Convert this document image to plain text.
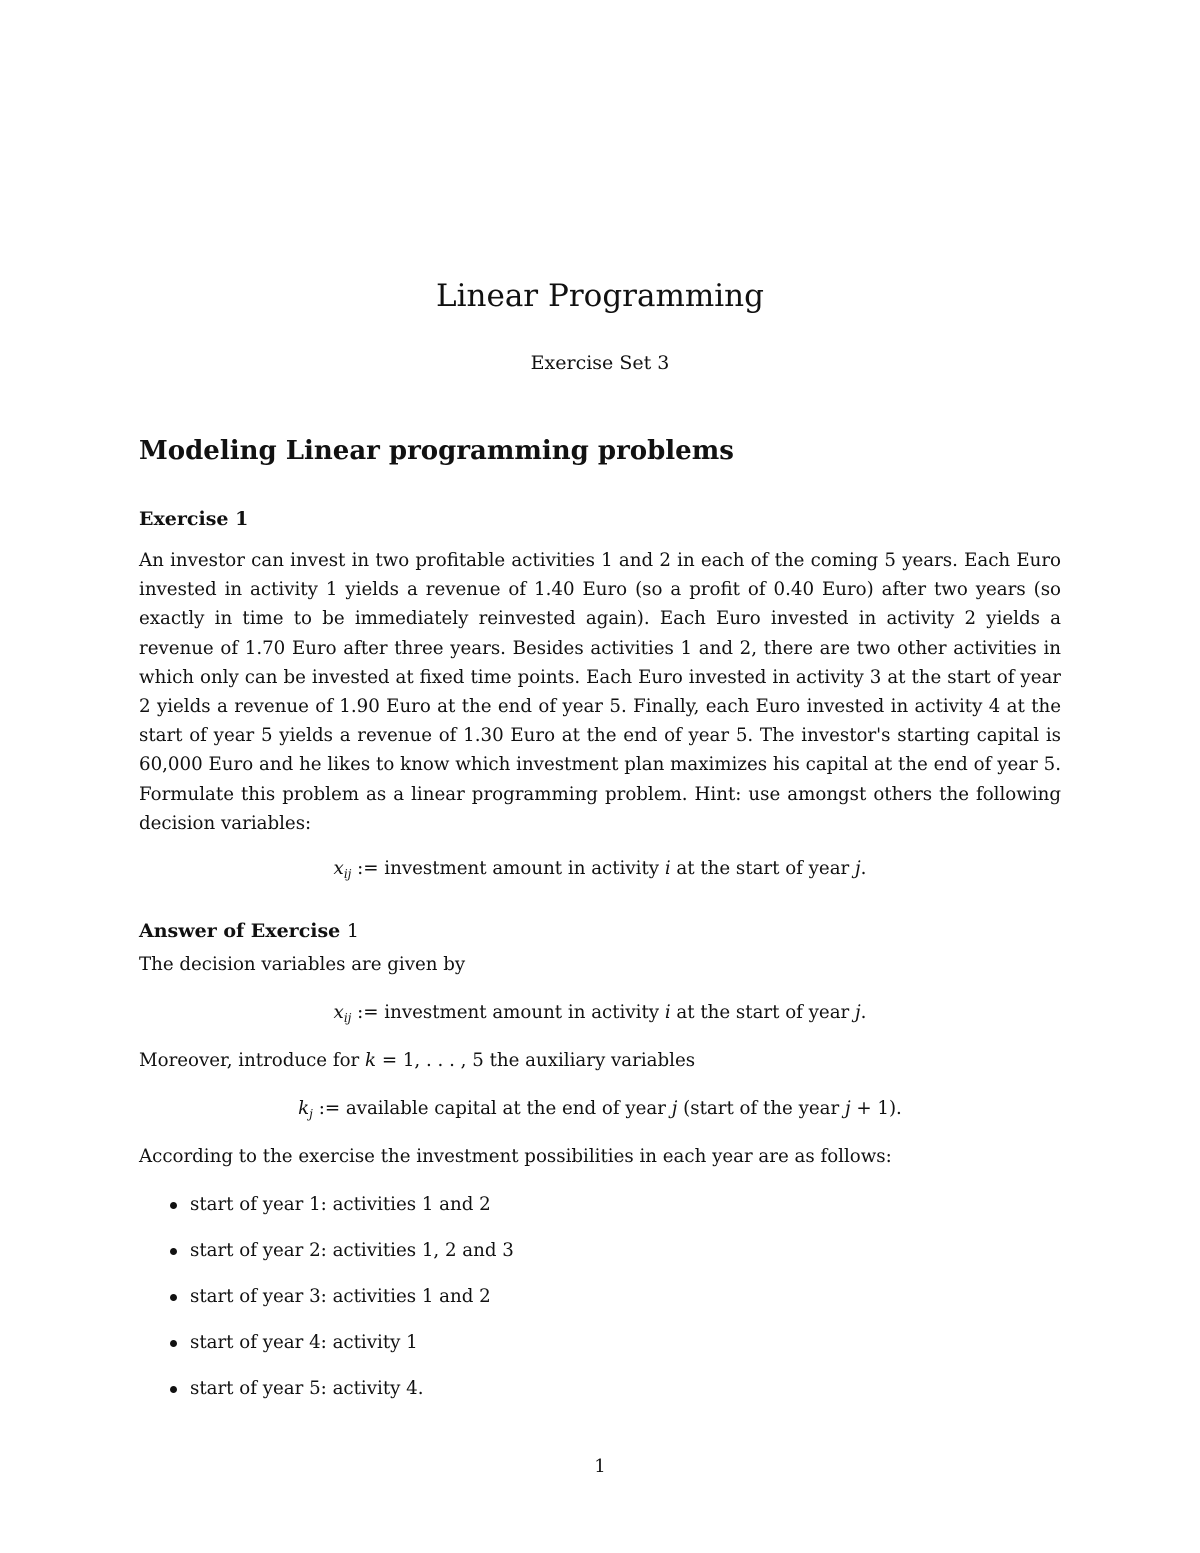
Linear Programming
Exercise Set 3
Modeling Linear programming problems
Exercise 1

An investor can invest in two profitable activities 1 and 2 in each of the coming 5 years. Each Euro invested in activity 1 yields a revenue of 1.40 Euro (so a profit of 0.40 Euro) after two years (so exactly in time to be immediately reinvested again). Each Euro invested in activity 2 yields a revenue of 1.70 Euro after three years. Besides activities 1 and 2, there are two other activities in which only can be invested at fixed time points. Each Euro invested in activity 3 at the start of year 2 yields a revenue of 1.90 Euro at the end of year 5. Finally, each Euro invested in activity 4 at the start of year 5 yields a revenue of 1.30 Euro at the end of year 5. The investor's starting capital is 60,000 Euro and he likes to know which investment plan maximizes his capital at the end of year 5. Formulate this problem as a linear programming problem. Hint: use amongst others the following decision variables:

$x_{ij}$ := investment amount in activity i at the start of year j.
Answer of Exercise 1
The decision variables are given by
$x_{ij}$ := investment amount in activity i at the start of year j.
Moreover, introduce for k = 1, . . . , 5 the auxiliary variables
$k_j$ := available capital at the end of year j (start of the year j + 1).
According to the exercise the investment possibilities in each year are as follows:
start of year 1: activities 1 and 2
start of year 2: activities 1, 2 and 3
start of year 3: activities 1 and 2
start of year 4: activity 1
start of year 5: activity 4.
1
